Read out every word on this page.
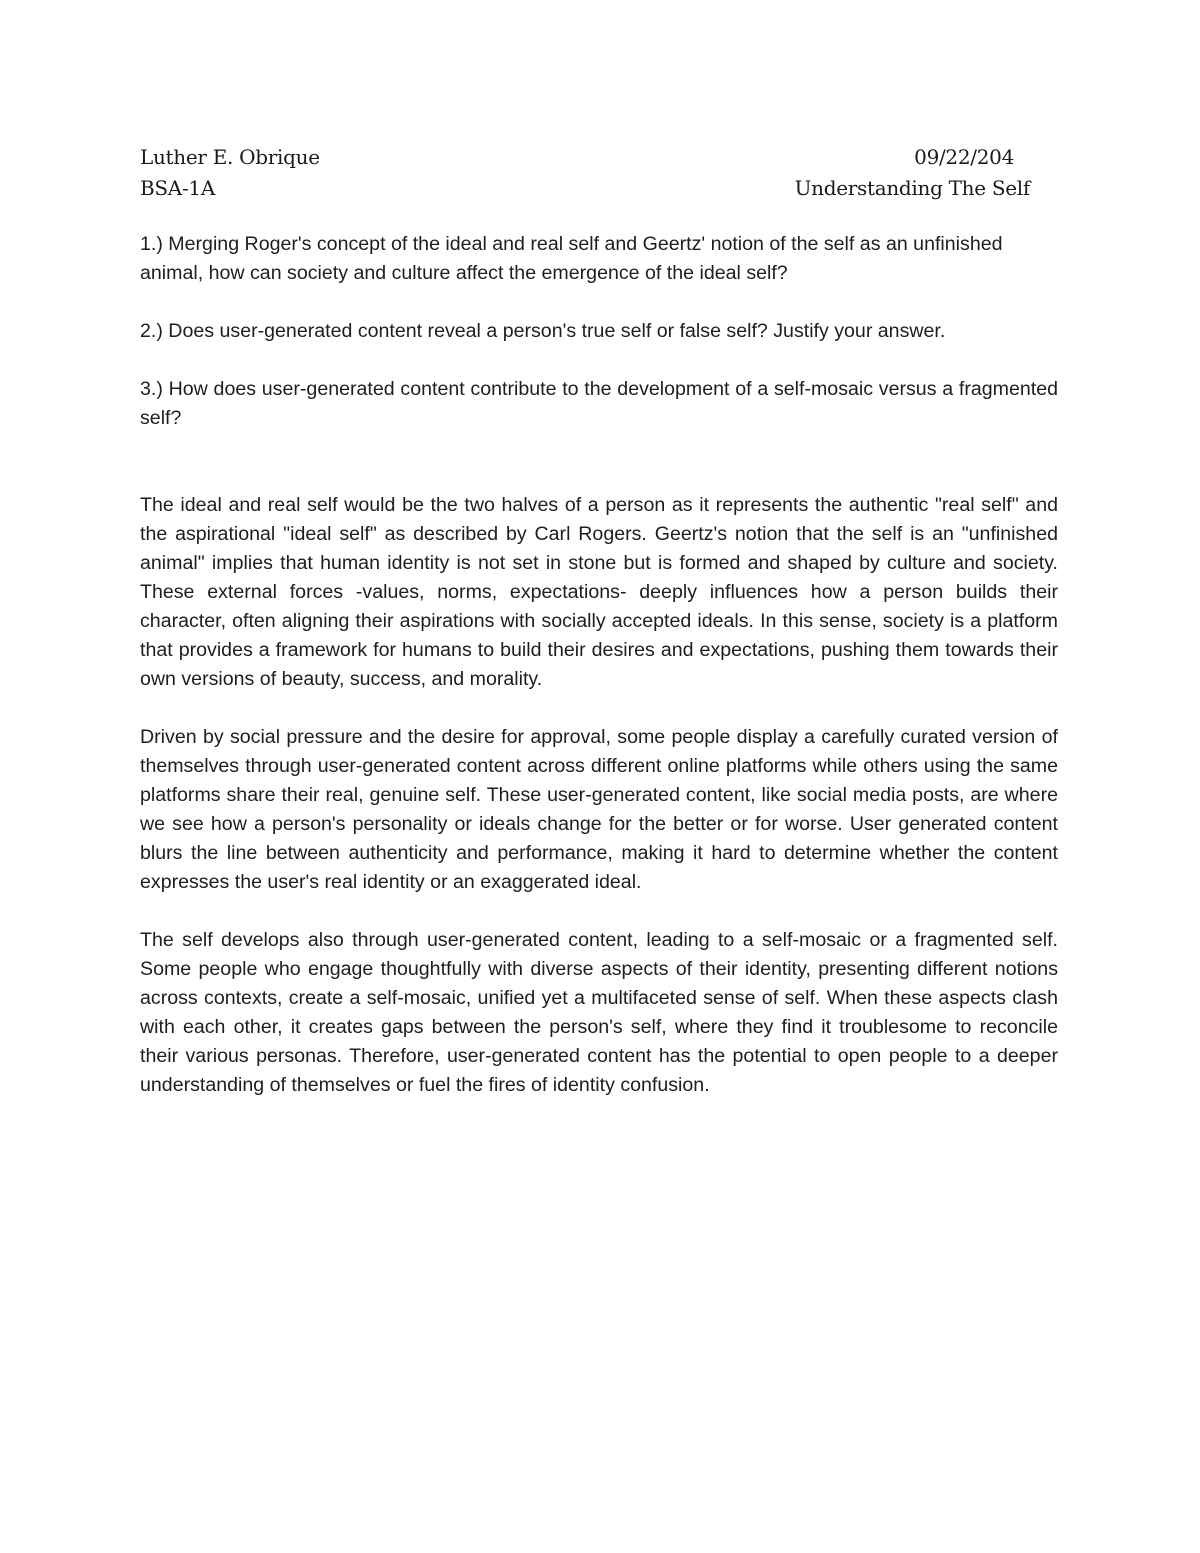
Luther E. Obrique	09/22/204
BSA-1A	Understanding The Self

1.) Merging Roger's concept of the ideal and real self and Geertz' notion of the self as an unfinished animal, how can society and culture affect the emergence of the ideal self?

2.) Does user-generated content reveal a person's true self or false self? Justify your answer.

3.) How does user-generated content contribute to the development of a self-mosaic versus a fragmented self?

The ideal and real self would be the two halves of a person as it represents the authentic "real self" and the aspirational "ideal self" as described by Carl Rogers. Geertz's notion that the self is an "unfinished animal" implies that human identity is not set in stone but is formed and shaped by culture and society. These external forces -values, norms, expectations- deeply influences how a person builds their character, often aligning their aspirations with socially accepted ideals. In this sense, society is a platform that provides a framework for humans to build their desires and expectations, pushing them towards their own versions of beauty, success, and morality.

Driven by social pressure and the desire for approval, some people display a carefully curated version of themselves through user-generated content across different online platforms while others using the same platforms share their real, genuine self. These user-generated content, like social media posts, are where we see how a person's personality or ideals change for the better or for worse. User generated content blurs the line between authenticity and performance, making it hard to determine whether the content expresses the user's real identity or an exaggerated ideal.

The self develops also through user-generated content, leading to a self-mosaic or a fragmented self. Some people who engage thoughtfully with diverse aspects of their identity, presenting different notions across contexts, create a self-mosaic, unified yet a multifaceted sense of self. When these aspects clash with each other, it creates gaps between the person's self, where they find it troublesome to reconcile their various personas. Therefore, user-generated content has the potential to open people to a deeper understanding of themselves or fuel the fires of identity confusion.
